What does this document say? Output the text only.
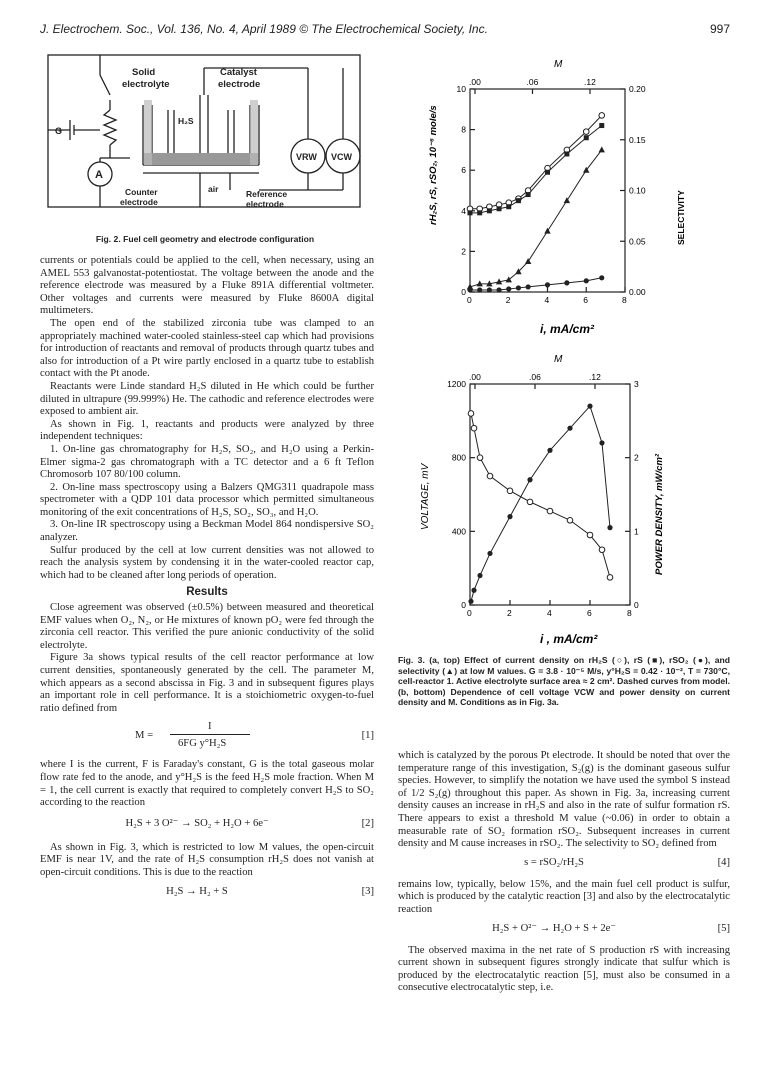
J. Electrochem. Soc., Vol. 136, No. 4, April 1989 © The Electrochemical Society, Inc.	997
Solid
electrolyte
Catalyst
electrode
H₂S
G
A
VRW VCW
Counter
electrode
air	Reference
electrode
Fig. 2. Fuel cell geometry and electrode configuration

currents or potentials could be applied to the cell, when necessary, using an AMEL 553 galvanostat-potentiostat. The voltage between the anode and the reference electrode was measured by a Fluke 891A differential voltmeter. Other voltages and currents were measured by Fluke 8600A digital multimeters.

The open end of the stabilized zirconia tube was clamped to an appropriately machined water-cooled stainless-steel cap which had provisions for introduction of reactants and removal of products through quartz tubes and also for introduction of a Pt wire partly enclosed in a quartz tube to establish contact with the Pt anode.

Reactants were Linde standard H₂S diluted in He which could be further diluted in ultrapure (99.999%) He. The cathodic and reference electrodes were exposed to ambient air.

As shown in Fig. 1, reactants and products were analyzed by three independent techniques:

1. On-line gas chromatography for H₂S, SO₂, and H₂O using a Perkin-Elmer sigma-2 gas chromatograph with a TC detector and a 6 ft Teflon Chromosorb 107 80/100 column.

2. On-line mass spectroscopy using a Balzers QMG311 quadrapole mass spectrometer with a QDP 101 data processor which permitted simultaneous monitoring of the exit concentrations of H₂S, SO₂, SO₃, and H₂O.

3. On-line IR spectroscopy using a Beckman Model 864 nondispersive SO₂ analyzer.

Sulfur produced by the cell at low current densities was not allowed to reach the analysis system by condensing it in the water-cooled reactor cap, which had to be cleaned after long periods of operation.

Results

Close agreement was observed (±0.5%) between measured and theoretical EMF values when O₂, N₂, or He mixtures of known pO₂ were fed through the zirconia cell reactor. This verified the pure anionic conductivity of the solid electrolyte.

Figure 3a shows typical results of the cell reactor performance at low current densities, spontaneously generated by the cell. The parameter M, which appears as a second abscissa in Fig. 3 and in subsequent figures plays an important role in cell performance. It is a stoichiometric oxygen-to-fuel ratio defined from

M =
I
6FG y°H₂S
[1]

where I is the current, F is Faraday's constant, G is the total gaseous molar flow rate fed to the anode, and y°H₂S is the feed H₂S mole fraction. When M = 1, the cell current is exactly that required to completely convert H₂S to SO₂ according to the reaction

H₂S + 3 O²⁻ → SO₂ + H₂O + 6e⁻	[2]

As shown in Fig. 3, which is restricted to low M values, the open-circuit EMF is near 1V, and the rate of H₂S consumption rH₂S does not vanish at open-circuit conditions. This is due to the reaction

H₂S → H₂ + S	[3]
M
0	2	4	6	8
.00	.06	.12
0
2
4
6
8
10
0.00
0.05
0.10
0.15
0.20
rH₂S, rS, rSO₂, 10⁻⁸ mole/s	SELECTIVITY
i, mA/cm²
M
0	2	4	6	8
.00	.06	.12
0
400
800
1200
0
1
2
3
VOLTAGE, mV	POWER DENSITY, mW/cm²
i , mA/cm²
Fig. 3. (a, top) Effect of current density on rH₂S (○), rS (■), rSO₂ (●), and selectivity (▲) at low M values. G = 3.8 · 10⁻⁵ M/s, y°H₂S = 0.42 · 10⁻², T = 730°C, cell-reactor 1. Active electrolyte surface area ≈ 2 cm². Dashed curves from model. (b, bottom) Dependence of cell voltage VCW and power density on current density and M. Conditions as in Fig. 3a.

which is catalyzed by the porous Pt electrode. It should be noted that over the temperature range of this investigation, S₂(g) is the dominant gaseous sulfur species. However, to simplify the notation we have used the symbol S instead of 1/2 S₂(g) throughout this paper. As shown in Fig. 3a, increasing current density causes an increase in rH₂S and also in the rate of sulfur formation rS. There appears to exist a threshold M value (~0.06) in order to obtain a measurable rate of SO₂ formation rSO₂. Subsequent increases in current density and M cause increases in rSO₂. The selectivity to SO₂ defined from

s = rSO₂/rH₂S	[4]

remains low, typically, below 15%, and the main fuel cell product is sulfur, which is produced by the catalytic reaction [3] and also by the electrocatalytic reaction

H₂S + O²⁻ → H₂O + S + 2e⁻	[5]

The observed maxima in the net rate of S production rS with increasing current shown in subsequent figures strongly indicate that sulfur which is produced by the electrocatalytic reaction [5], must also be consumed in a consecutive electrocatalytic step, i.e.
